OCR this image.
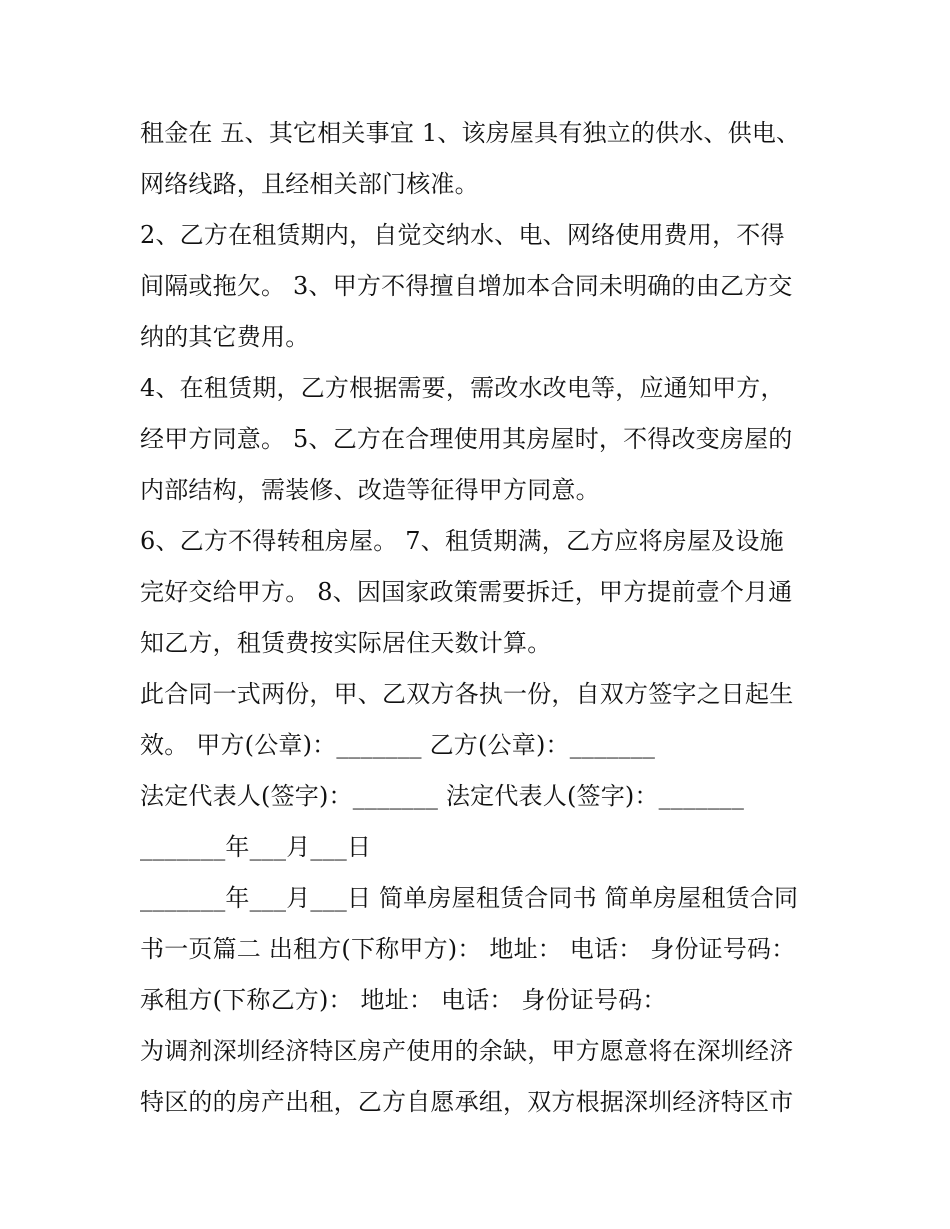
租金在 五、其它相关事宜 1、该房屋具有独立的供水、供电、
网络线路，且经相关部门核准。
2、乙方在租赁期内，自觉交纳水、电、网络使用费用，不得
间隔或拖欠。 3、甲方不得擅自增加本合同未明确的由乙方交
纳的其它费用。
4、在租赁期，乙方根据需要，需改水改电等，应通知甲方，
经甲方同意。 5、乙方在合理使用其房屋时，不得改变房屋的
内部结构，需装修、改造等征得甲方同意。
6、乙方不得转租房屋。 7、租赁期满，乙方应将房屋及设施
完好交给甲方。 8、因国家政策需要拆迁，甲方提前壹个月通
知乙方，租赁费按实际居住天数计算。
此合同一式两份，甲、乙双方各执一份，自双方签字之日起生
效。 甲方(公章)：_______ 乙方(公章)：_______
法定代表人(签字)：_______ 法定代表人(签字)：_______
_______年___月___日
_______年___月___日 简单房屋租赁合同书 简单房屋租赁合同
书一页篇二 出租方(下称甲方)： 地址： 电话： 身份证号码：
承租方(下称乙方)： 地址： 电话： 身份证号码：
为调剂深圳经济特区房产使用的余缺，甲方愿意将在深圳经济
特区的的房产出租，乙方自愿承组，双方根据深圳经济特区市
